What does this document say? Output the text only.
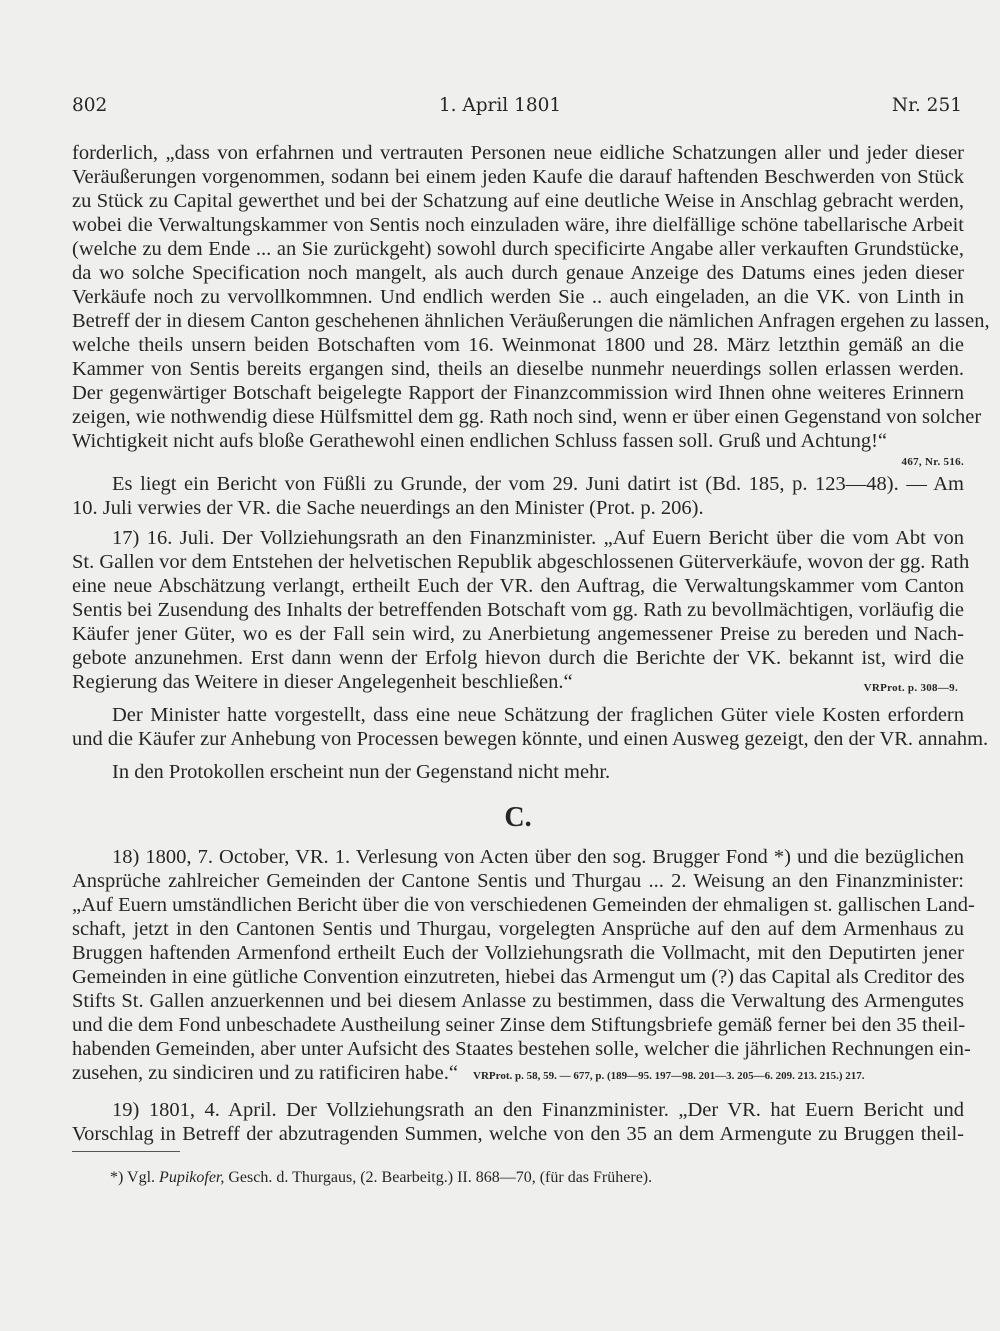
802	1. April 1801	Nr. 251
forderlich, „dass von erfahrnen und vertrauten Personen neue eidliche Schatzungen aller und jeder dieser
Veräußerungen vorgenommen, sodann bei einem jeden Kaufe die darauf haftenden Beschwerden von Stück
zu Stück zu Capital gewerthet und bei der Schatzung auf eine deutliche Weise in Anschlag gebracht werden,
wobei die Verwaltungskammer von Sentis noch einzuladen wäre, ihre dielfällige schöne tabellarische Arbeit
(welche zu dem Ende ... an Sie zurückgeht) sowohl durch specificirte Angabe aller verkauften Grundstücke,
da wo solche Specification noch mangelt, als auch durch genaue Anzeige des Datums eines jeden dieser
Verkäufe noch zu vervollkommnen. Und endlich werden Sie .. auch eingeladen, an die VK. von Linth in
Betreff der in diesem Canton geschehenen ähnlichen Veräußerungen die nämlichen Anfragen ergehen zu lassen,
welche theils unsern beiden Botschaften vom 16. Weinmonat 1800 und 28. März letzthin gemäß an die
Kammer von Sentis bereits ergangen sind, theils an dieselbe nunmehr neuerdings sollen erlassen werden.
Der gegenwärtiger Botschaft beigelegte Rapport der Finanzcommission wird Ihnen ohne weiteres Erinnern
zeigen, wie nothwendig diese Hülfsmittel dem gg. Rath noch sind, wenn er über einen Gegenstand von solcher
Wichtigkeit nicht aufs bloße Gerathewohl einen endlichen Schluss fassen soll. Gruß und Achtung!“
467, Nr. 516.
Es liegt ein Bericht von Füßli zu Grunde, der vom 29. Juni datirt ist (Bd. 185, p. 123—48). — Am
10. Juli verwies der VR. die Sache neuerdings an den Minister (Prot. p. 206).
17) 16. Juli. Der Vollziehungsrath an den Finanzminister. „Auf Euern Bericht über die vom Abt von
St. Gallen vor dem Entstehen der helvetischen Republik abgeschlossenen Güterverkäufe, wovon der gg. Rath
eine neue Abschätzung verlangt, ertheilt Euch der VR. den Auftrag, die Verwaltungskammer vom Canton
Sentis bei Zusendung des Inhalts der betreffenden Botschaft vom gg. Rath zu bevollmächtigen, vorläufig die
Käufer jener Güter, wo es der Fall sein wird, zu Anerbietung angemessener Preise zu bereden und Nach-
gebote anzunehmen. Erst dann wenn der Erfolg hievon durch die Berichte der VK. bekannt ist, wird die
Regierung das Weitere in dieser Angelegenheit beschließen.“	VRProt. p. 308—9.
Der Minister hatte vorgestellt, dass eine neue Schätzung der fraglichen Güter viele Kosten erfordern
und die Käufer zur Anhebung von Processen bewegen könnte, und einen Ausweg gezeigt, den der VR. annahm.
In den Protokollen erscheint nun der Gegenstand nicht mehr.
C.
18) 1800, 7. October, VR. 1. Verlesung von Acten über den sog. Brugger Fond *) und die bezüglichen
Ansprüche zahlreicher Gemeinden der Cantone Sentis und Thurgau ... 2. Weisung an den Finanzminister:
„Auf Euern umständlichen Bericht über die von verschiedenen Gemeinden der ehmaligen st. gallischen Land-
schaft, jetzt in den Cantonen Sentis und Thurgau, vorgelegten Ansprüche auf den auf dem Armenhaus zu
Bruggen haftenden Armenfond ertheilt Euch der Vollziehungsrath die Vollmacht, mit den Deputirten jener
Gemeinden in eine gütliche Convention einzutreten, hiebei das Armengut um (?) das Capital als Creditor des
Stifts St. Gallen anzuerkennen und bei diesem Anlasse zu bestimmen, dass die Verwaltung des Armengutes
und die dem Fond unbeschadete Austheilung seiner Zinse dem Stiftungsbriefe gemäß ferner bei den 35 theil-
habenden Gemeinden, aber unter Aufsicht des Staates bestehen solle, welcher die jährlichen Rechnungen ein-
zusehen, zu sindiciren und zu ratificiren habe.“ VRProt. p. 58, 59. — 677, p. (189—95. 197—98. 201—3. 205—6. 209. 213. 215.) 217.
19) 1801, 4. April. Der Vollziehungsrath an den Finanzminister. „Der VR. hat Euern Bericht und
Vorschlag in Betreff der abzutragenden Summen, welche von den 35 an dem Armengute zu Bruggen theil-
*) Vgl. Pupikofer, Gesch. d. Thurgaus, (2. Bearbeitg.) II. 868—70, (für das Frühere).
